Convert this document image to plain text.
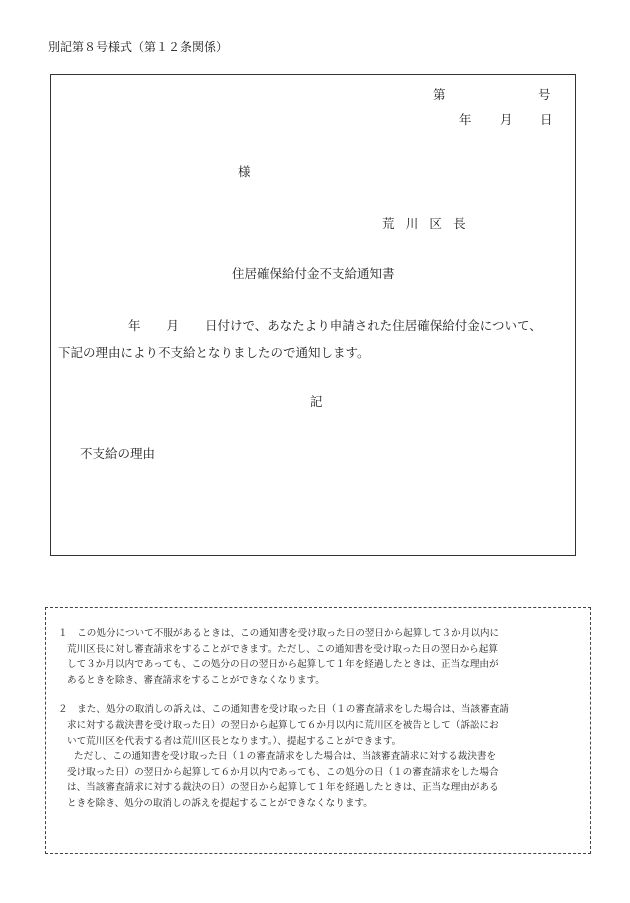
別記第８号様式（第１２条関係）
第	号
年 月 日
様
荒 川 区 長
住居確保給付金不支給通知書
年 月 日付けで、あなたより申請された住居確保給付金について、
下記の理由により不支給となりましたので通知します。
記
不支給の理由
１　この処分について不服があるときは、この通知書を受け取った日の翌日から起算して３か月以内に
荒川区長に対し審査請求をすることができます。ただし、この通知書を受け取った日の翌日から起算
して３か月以内であっても、この処分の日の翌日から起算して１年を経過したときは、正当な理由が
あるときを除き、審査請求をすることができなくなります。
２　また、処分の取消しの訴えは、この通知書を受け取った日（１の審査請求をした場合は、当該審査請
求に対する裁決書を受け取った日）の翌日から起算して６か月以内に荒川区を被告として（訴訟にお
いて荒川区を代表する者は荒川区長となります。）、提起することができます。
ただし、この通知書を受け取った日（１の審査請求をした場合は、当該審査請求に対する裁決書を
受け取った日）の翌日から起算して６か月以内であっても、この処分の日（１の審査請求をした場合
は、当該審査請求に対する裁決の日）の翌日から起算して１年を経過したときは、正当な理由がある
ときを除き、処分の取消しの訴えを提起することができなくなります。
